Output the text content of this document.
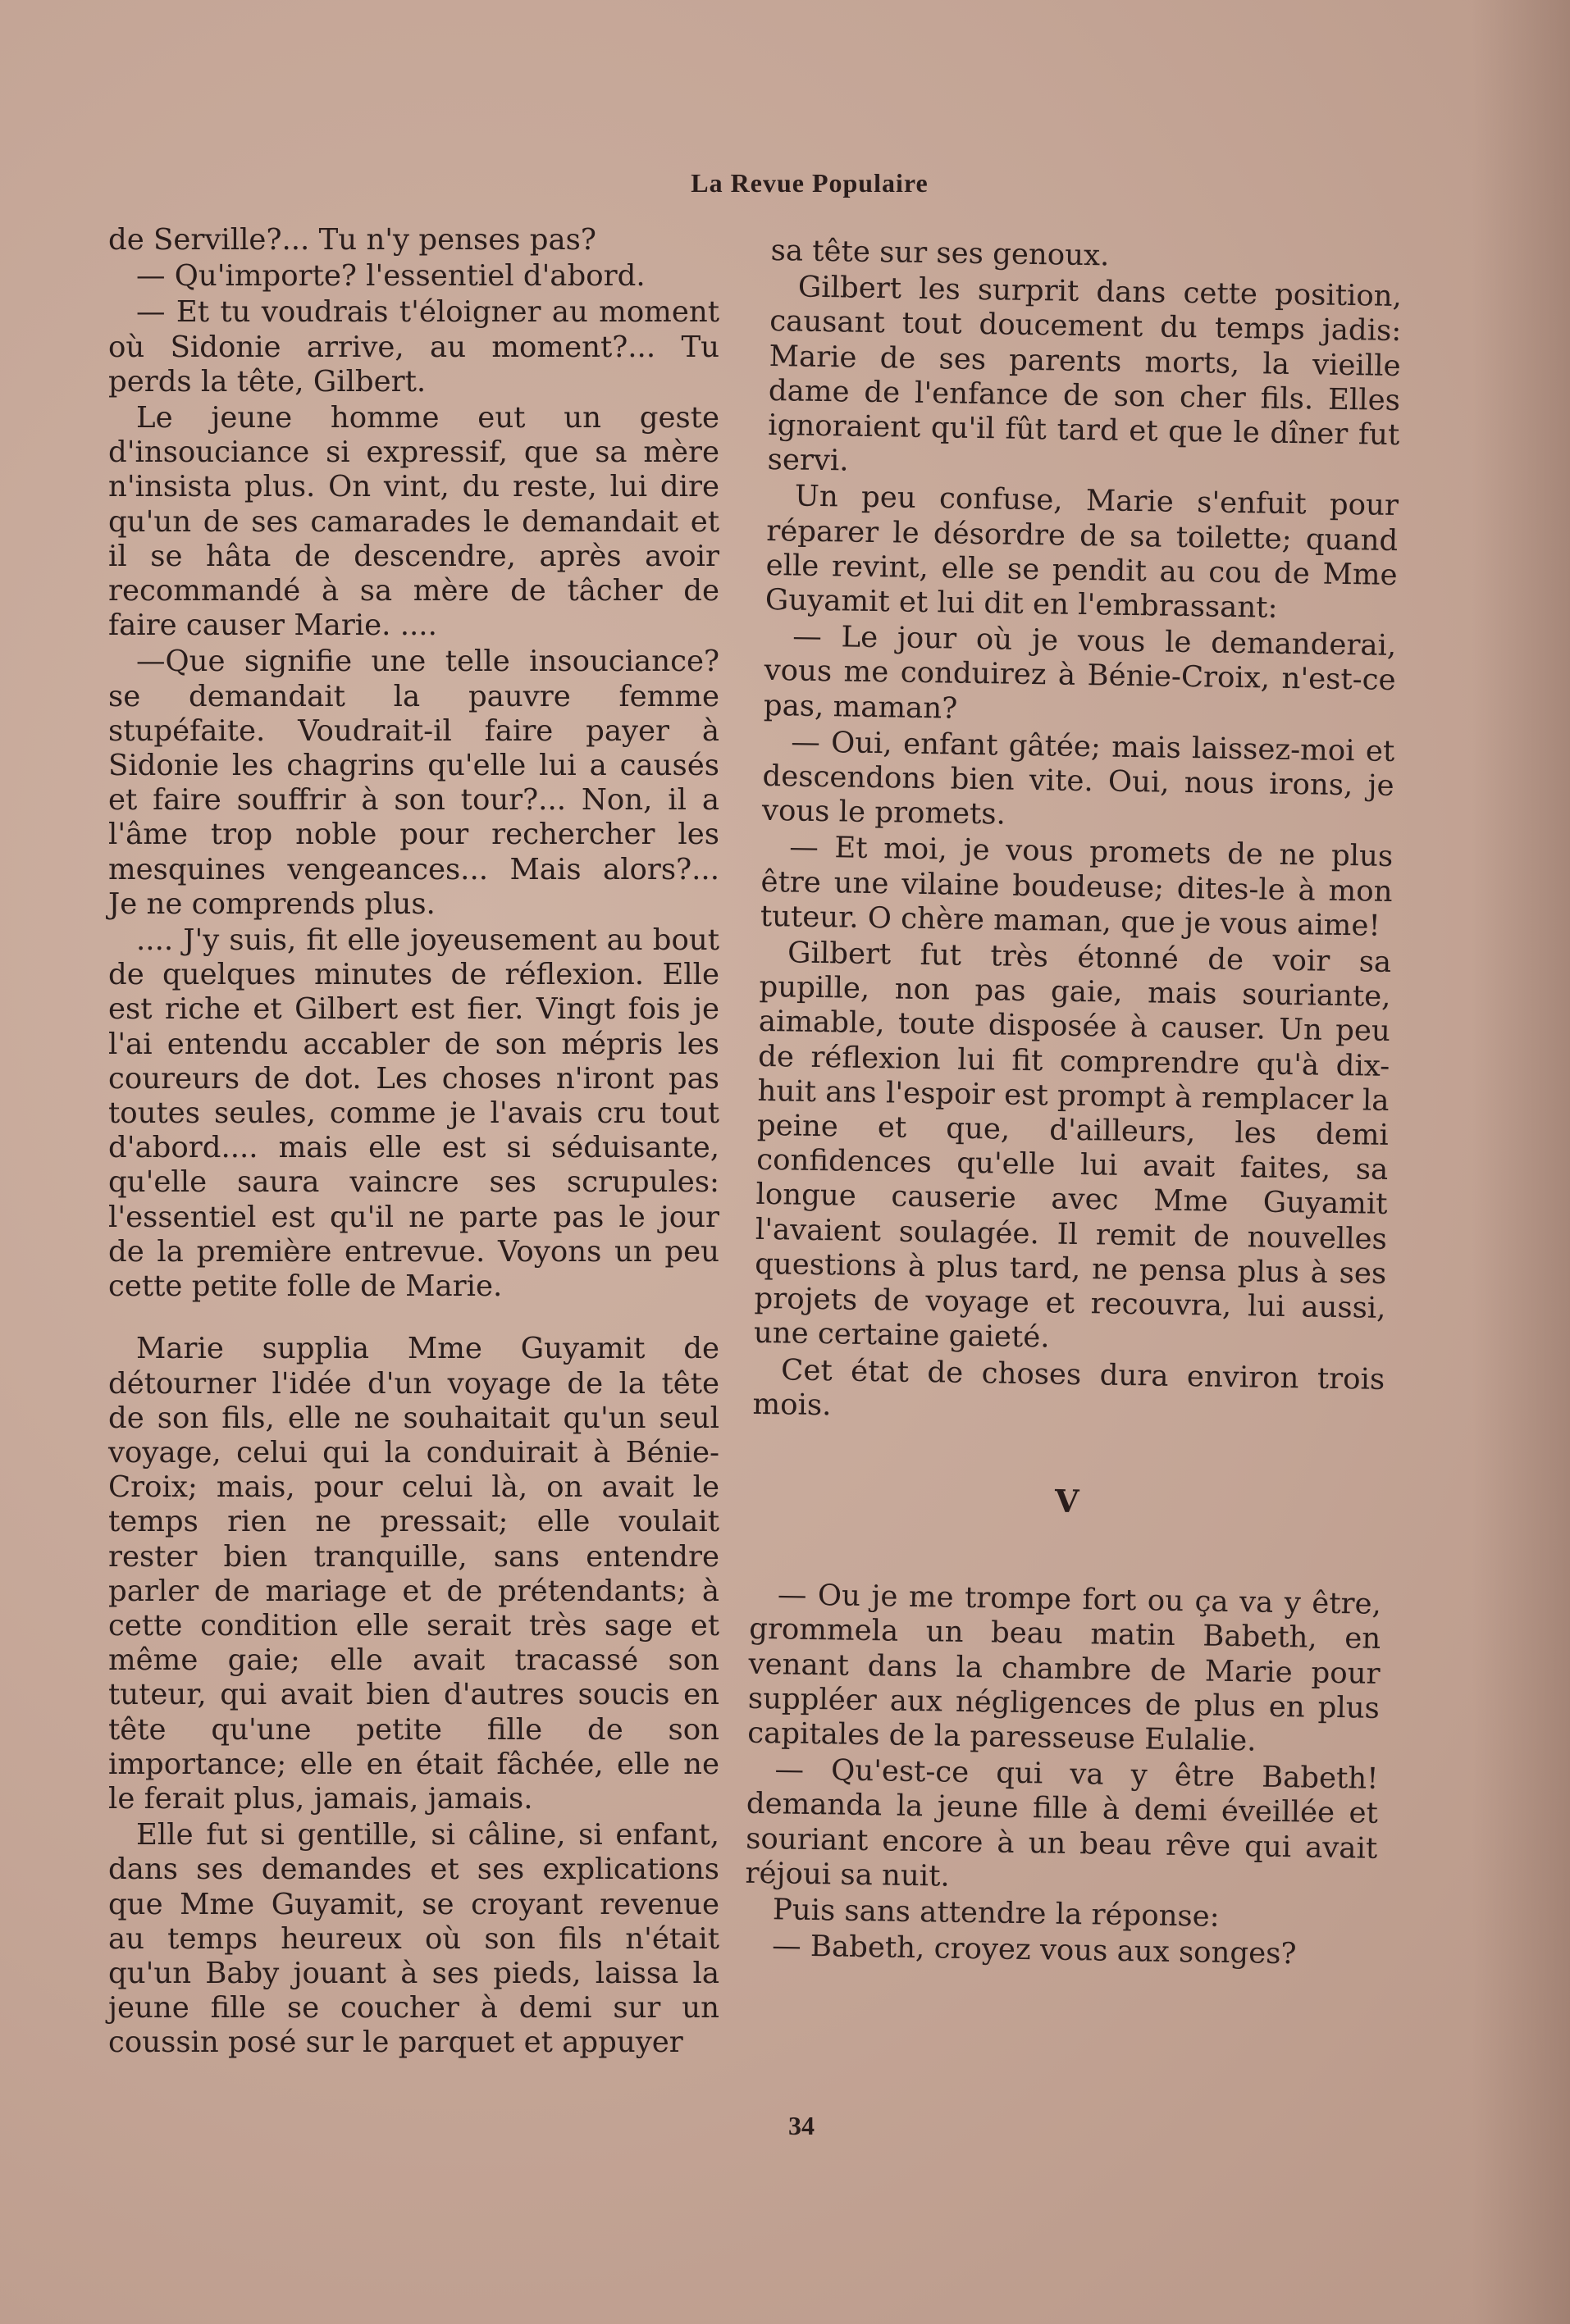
La Revue Populaire

de Serville?... Tu n'y penses pas?

— Qu'importe? l'essentiel d'abord.

— Et tu voudrais t'éloigner au moment où Sidonie arrive, au moment?... Tu perds la tête, Gilbert.

Le jeune homme eut un geste d'insouciance si expressif, que sa mère n'insista plus. On vint, du reste, lui dire qu'un de ses camarades le demandait et il se hâta de descendre, après avoir recommandé à sa mère de tâcher de faire causer Marie. ....

—Que signifie une telle insouciance? se demandait la pauvre femme stupéfaite. Voudrait-il faire payer à Sidonie les chagrins qu'elle lui a causés et faire souffrir à son tour?... Non, il a l'âme trop noble pour rechercher les mesquines vengeances... Mais alors?... Je ne comprends plus.

.... J'y suis, fit elle joyeusement au bout de quelques minutes de réflexion. Elle est riche et Gilbert est fier. Vingt fois je l'ai entendu accabler de son mépris les coureurs de dot. Les choses n'iront pas toutes seules, comme je l'avais cru tout d'abord.... mais elle est si séduisante, qu'elle saura vaincre ses scrupules: l'essentiel est qu'il ne parte pas le jour de la première entrevue. Voyons un peu cette petite folle de Marie.

Marie supplia Mme Guyamit de détourner l'idée d'un voyage de la tête de son fils, elle ne souhaitait qu'un seul voyage, celui qui la conduirait à Bénie-Croix; mais, pour celui là, on avait le temps rien ne pressait; elle voulait rester bien tranquille, sans entendre parler de mariage et de prétendants; à cette condition elle serait très sage et même gaie; elle avait tracassé son tuteur, qui avait bien d'autres soucis en tête qu'une petite fille de son importance; elle en était fâchée, elle ne le ferait plus, jamais, jamais.

Elle fut si gentille, si câline, si enfant, dans ses demandes et ses explications que Mme Guyamit, se croyant revenue au temps heureux où son fils n'était qu'un Baby jouant à ses pieds, laissa la jeune fille se coucher à demi sur un coussin posé sur le parquet et appuyer

sa tête sur ses genoux.

Gilbert les surprit dans cette position, causant tout doucement du temps jadis: Marie de ses parents morts, la vieille dame de l'enfance de son cher fils. Elles ignoraient qu'il fût tard et que le dîner fut servi.

Un peu confuse, Marie s'enfuit pour réparer le désordre de sa toilette; quand elle revint, elle se pendit au cou de Mme Guyamit et lui dit en l'embrassant:

— Le jour où je vous le demanderai, vous me conduirez à Bénie-Croix, n'est-ce pas, maman?

— Oui, enfant gâtée; mais laissez-moi et descendons bien vite. Oui, nous irons, je vous le promets.

— Et moi, je vous promets de ne plus être une vilaine boudeuse; dites-le à mon tuteur. O chère maman, que je vous aime!

Gilbert fut très étonné de voir sa pupille, non pas gaie, mais souriante, aimable, toute disposée à causer. Un peu de réflexion lui fit comprendre qu'à dix-huit ans l'espoir est prompt à remplacer la peine et que, d'ailleurs, les demi confidences qu'elle lui avait faites, sa longue causerie avec Mme Guyamit l'avaient soulagée. Il remit de nouvelles questions à plus tard, ne pensa plus à ses projets de voyage et recouvra, lui aussi, une certaine gaieté.

Cet état de choses dura environ trois mois.

V

— Ou je me trompe fort ou ça va y être, grommela un beau matin Babeth, en venant dans la chambre de Marie pour suppléer aux négligences de plus en plus capitales de la paresseuse Eulalie.

— Qu'est-ce qui va y être Babeth! demanda la jeune fille à demi éveillée et souriant encore à un beau rêve qui avait réjoui sa nuit.

Puis sans attendre la réponse:

— Babeth, croyez vous aux songes?

34
